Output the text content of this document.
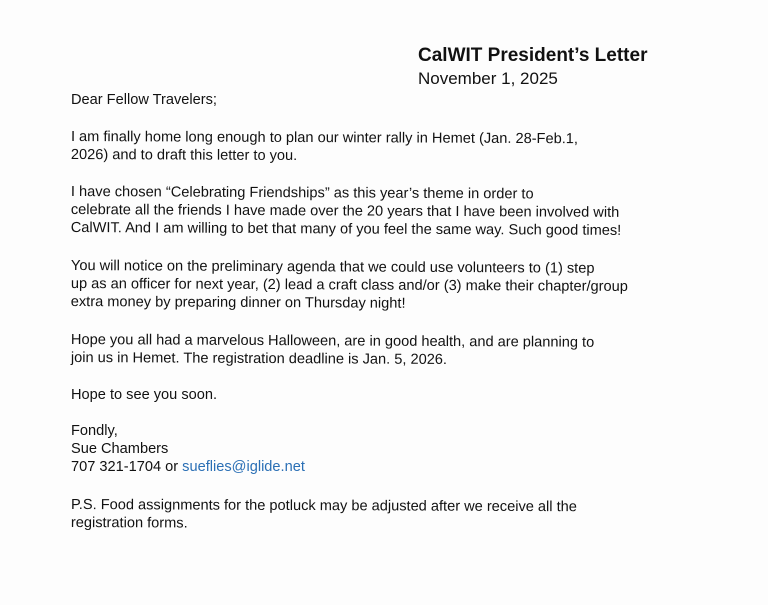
CalWIT President’s Letter
November 1, 2025

Dear Fellow Travelers;

I am finally home long enough to plan our winter rally in Hemet (Jan. 28-Feb.1,
2026) and to draft this letter to you.

I have chosen “Celebrating Friendships” as this year’s theme in order to
celebrate all the friends I have made over the 20 years that I have been involved with
CalWIT. And I am willing to bet that many of you feel the same way. Such good times!

You will notice on the preliminary agenda that we could use volunteers to (1) step
up as an officer for next year, (2) lead a craft class and/or (3) make their chapter/group
extra money by preparing dinner on Thursday night!

Hope you all had a marvelous Halloween, are in good health, and are planning to
join us in Hemet. The registration deadline is Jan. 5, 2026.

Hope to see you soon.

Fondly,
Sue Chambers
707 321-1704 or sueflies@iglide.net

P.S. Food assignments for the potluck may be adjusted after we receive all the
registration forms.
